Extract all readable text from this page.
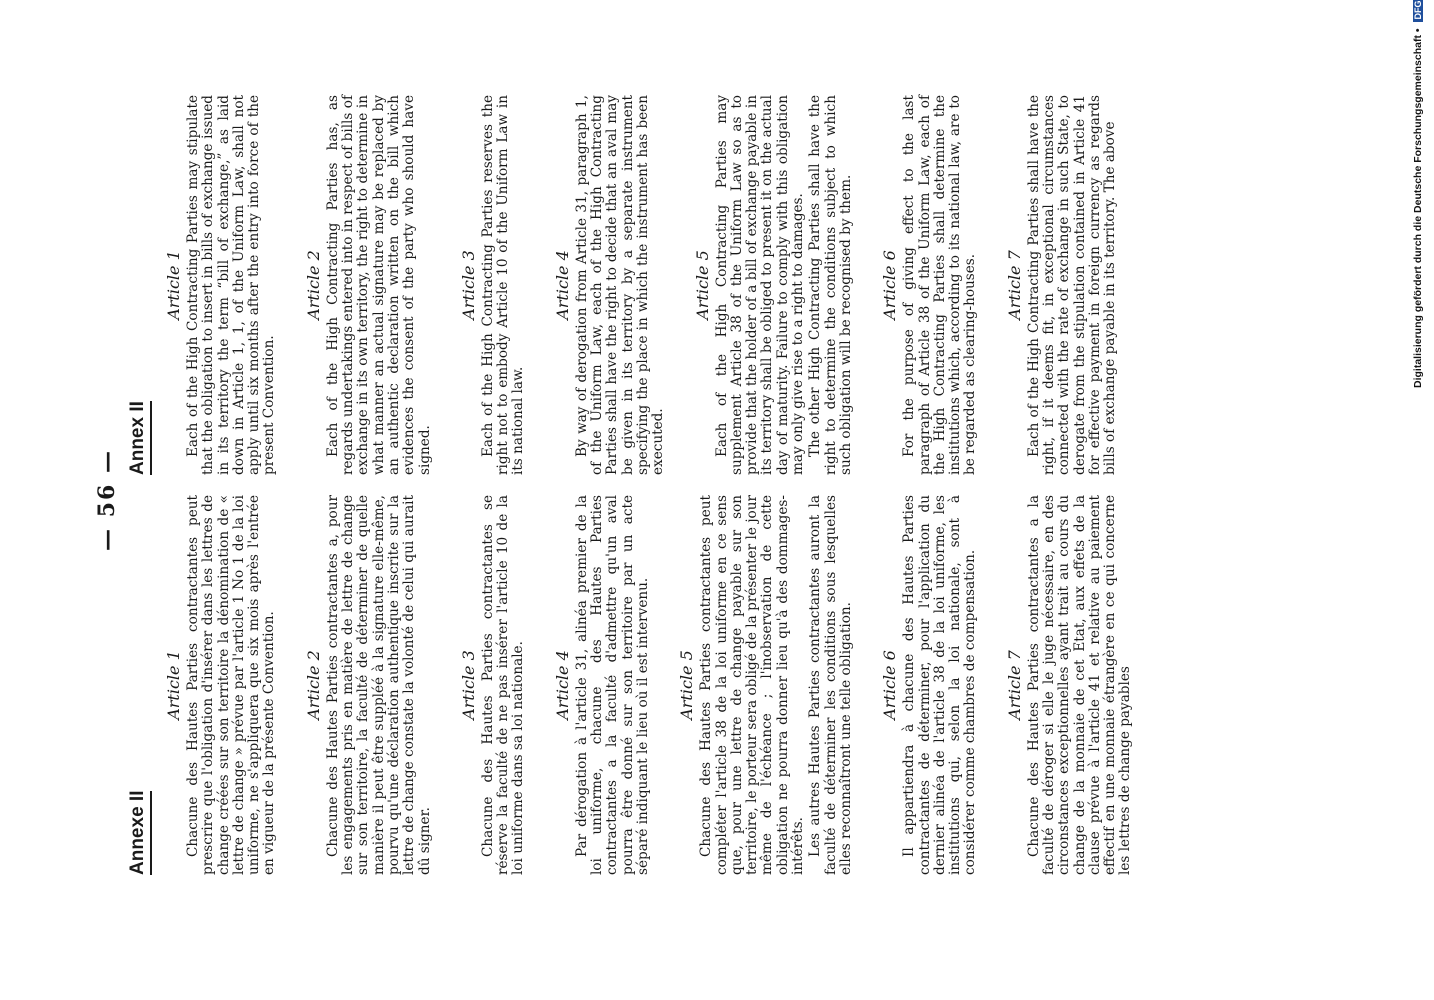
— 56 —
Annexe II
Article 1 Chacune des Hautes Parties contractantes peut prescrire que l'obligation d'insérer dans les lettres de change créées sur son territoire la dénomination de « lettre de change » prévue par l'article 1 No 1 de la loi uniforme, ne s'appliquera que six mois après l'entrée en vigueur de la présente Convention. Article 2 Chacune des Hautes Parties contractantes a, pour les engagements pris en matière de lettre de change sur son territoire, la faculté de déterminer de quelle manière il peut être suppléé à la signature elle-même, pourvu qu'une déclaration authentique inscrite sur la lettre de change constate la volonté de celui qui aurait dû signer.

Article 3 Chacune des Hautes Parties contractantes se réserve la faculté de ne pas insérer l'article 10 de la loi uniforme dans sa loi nationale. Article 4 Par dérogation à l'article 31, alinéa premier de la loi uniforme, chacune des Hautes Parties contractantes a la faculté d'admettre qu'un aval pourra être donné sur son territoire par un acte séparé indiquant le lieu où il est intervenu. Article 5 Chacune des Hautes Parties contractantes peut compléter l'article 38 de la loi uniforme en ce sens que, pour une lettre de change payable sur son territoire, le porteur sera obligé de la présenter le jour même de l'échéance ; l'inobservation de cette obligation ne pourra donner lieu qu'à des dommages-intérêts. Les autres Hautes Parties contractantes auront la faculté de déterminer les conditions sous lesquelles elles reconnaîtront une telle obligation. Article 6 Il appartiendra à chacune des Hautes Parties contractantes de déterminer, pour l'application du dernier alinéa de l'article 38 de la loi uniforme, les institutions qui, selon la loi nationale, sont à considérer comme chambres de compensation. Article 7 Chacune des Hautes Parties contractantes a la faculté de déroger si elle le juge nécessaire, en des circonstances exceptionnelles ayant trait au cours du change de la monnaie de cet Etat, aux effets de la clause prévue à l'article 41 et relative au paiement effectif en une monnaie étrangère en ce qui concerne les lettres de change payables

Annex II
Article 1 Each of the High Contracting Parties may stipulate that the obligation to insert in bills of exchange issued in its territory the term “bill of exchange,” as laid down in Article 1, 1, of the Uniform Law, shall not apply until six months after the entry into force of the present Convention.

Article 2 Each of the High Contracting Parties has, as regards undertakings entered into in respect of bills of exchange in its own territory, the right to determine in what manner an actual signature may be replaced by an authentic declaration written on the bill which evidences the consent of the party who should have signed.

Article 3 Each of the High Contracting Parties reserves the right not to embody Article 10 of the Uniform Law in its national law.

Article 4 By way of derogation from Article 31, paragraph 1, of the Uniform Law, each of the High Contracting Parties shall have the right to decide that an aval may be given in its territory by a separate instrument specifying the place in which the instrument has been executed.

Article 5 Each of the High Contracting Parties may supplement Article 38 of the Uniform Law so as to provide that the holder of a bill of exchange payable in its territory shall be obliged to present it on the actual day of maturity. Failure to comply with this obligation may only give rise to a right to damages. The other High Contracting Parties shall have the right to determine the conditions subject to which such obligation will be recognised by them. Article 6 For the purpose of giving effect to the last paragraph of Article 38 of the Uniform Law, each of the High Contracting Parties shall determine the institutions which, according to its national law, are to be regarded as clearing-houses. Article 7 Each of the High Contracting Parties shall have the right, if it deems fit, in exceptional circumstances connected with the rate of exchange in such State, to derogate from the stipulation contained in Article 41 for effective payment in foreign currency as regards bills of exchange payable in its territory. The above	Digitalisierung gefördert durch die Deutsche Forschungsgemeinschaft • DFG
